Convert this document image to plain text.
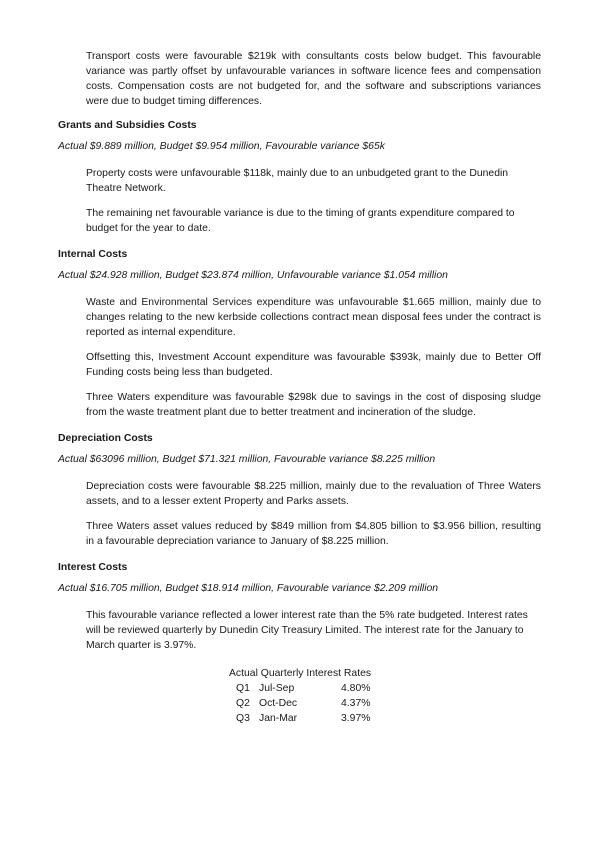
Transport costs were favourable $219k with consultants costs below budget. This favourable variance was partly offset by unfavourable variances in software licence fees and compensation costs. Compensation costs are not budgeted for, and the software and subscriptions variances were due to budget timing differences.

Grants and Subsidies Costs

Actual $9.889 million, Budget $9.954 million, Favourable variance $65k

Property costs were unfavourable $118k, mainly due to an unbudgeted grant to the Dunedin Theatre Network.

The remaining net favourable variance is due to the timing of grants expenditure compared to budget for the year to date.

Internal Costs

Actual $24.928 million, Budget $23.874 million, Unfavourable variance $1.054 million

Waste and Environmental Services expenditure was unfavourable $1.665 million, mainly due to changes relating to the new kerbside collections contract mean disposal fees under the contract is reported as internal expenditure.

Offsetting this, Investment Account expenditure was favourable $393k, mainly due to Better Off Funding costs being less than budgeted.

Three Waters expenditure was favourable $298k due to savings in the cost of disposing sludge from the waste treatment plant due to better treatment and incineration of the sludge.

Depreciation Costs

Actual $63096 million, Budget $71.321 million, Favourable variance $8.225 million

Depreciation costs were favourable $8.225 million, mainly due to the revaluation of Three Waters assets, and to a lesser extent Property and Parks assets.

Three Waters asset values reduced by $849 million from $4.805 billion to $3.956 billion, resulting in a favourable depreciation variance to January of $8.225 million.

Interest Costs

Actual $16.705 million, Budget $18.914 million, Favourable variance $2.209 million

This favourable variance reflected a lower interest rate than the 5% rate budgeted. Interest rates will be reviewed quarterly by Dunedin City Treasury Limited. The interest rate for the January to March quarter is 3.97%.

Actual Quarterly Interest Rates
Q1 Jul-Sep	4.80%
Q2 Oct-Dec	4.37%
Q3 Jan-Mar	3.97%
